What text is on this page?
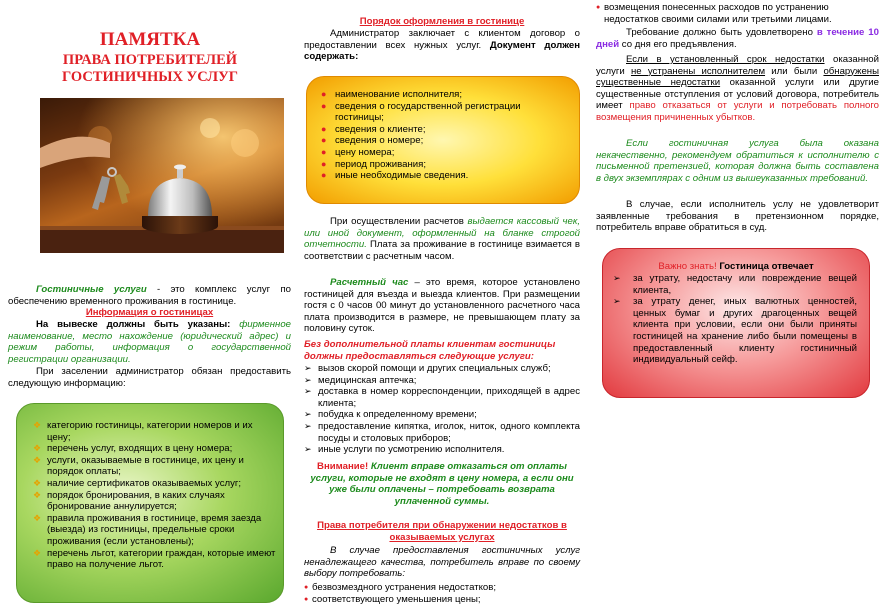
ПАМЯТКА
ПРАВА ПОТРЕБИТЕЛЕЙ
ГОСТИНИЧНЫХ УСЛУГ

Гостиничные услуги - это комплекс услуг по обеспечению временного проживания в гостинице.

Информация о гостиницах

На вывеске должны быть указаны: фирменное наименование, место нахождение (юридический адрес) и режим работы, информация о государственной регистрации организации.

При заселении администратор обязан предоставить следующую информацию:

❖ категорию гостиницы, категории номеров и их цену;
❖ перечень услуг, входящих в цену номера;
❖ услуги, оказываемые в гостинице, их цену и порядок оплаты;
❖ наличие сертификатов оказываемых услуг;
❖ порядок бронирования, в каких случаях бронирование аннулируется;
❖ правила проживания в гостинице, время заезда (выезда) из гостиницы, предельные сроки проживания (если установлены);
❖ перечень льгот, категории граждан, которые имеют право на получение льгот.

Порядок оформления в гостинице

Администратор заключает с клиентом договор о предоставлении всех нужных услуг. Документ должен содержать:

● наименование исполнителя;
● сведения о государственной регистрации гостиницы;
● сведения о клиенте;
● сведения о номере;
● цену номера;
● период проживания;
● иные необходимые сведения.

При осуществлении расчетов выдается кассовый чек, или иной документ, оформленный на бланке строгой отчетности. Плата за проживание в гостинице взимается в соответствии с расчетным часом.

Расчетный час – это время, которое установлено гостиницей для въезда и выезда клиентов. При размещении гостя с 0 часов 00 минут до установленного расчетного часа плата производится в размере, не превышающем плату за половину суток.

Без дополнительной платы клиентам гостиницы должны предоставляться следующие услуги:

➢ вызов скорой помощи и других специальных служб;
➢ медицинская аптечка;
➢ доставка в номер корреспонденции, приходящей в адрес клиента;
➢ побудка к определенному времени;
➢ предоставление кипятка, иголок, ниток, одного комплекта посуды и столовых приборов;
➢ иные услуги по усмотрению исполнителя.

Внимание! Клиент вправе отказаться от оплаты услуги, которые не входят в цену номера, а если они уже были оплачены – потребовать возврата уплаченной суммы.

Права потребителя при обнаружении недостатков в оказываемых услугах

В случае предоставления гостиничных услуг ненадлежащего качества, потребитель вправе по своему выбору потребовать:

● безвозмездного устранения недостатков;
● соответствующего уменьшения цены;
● возмещения понесенных расходов по устранению недостатков своими силами или третьими лицами.

Требование должно быть удовлетворено в течение 10 дней со дня его предъявления.

Если в установленный срок недостатки оказанной услуги не устранены исполнителем или были обнаружены существенные недостатки оказанной услуги или другие существенные отступления от условий договора, потребитель имеет право отказаться от услуги и потребовать полного возмещения причиненных убытков.

Если гостиничная услуга была оказана некачественно, рекомендуем обратиться к исполнителю с письменной претензией, которая должна быть составлена в двух экземплярах с одним из вышеуказанных требований.

В случае, если исполнитель услу не удовлетворит заявленные требования в претензионном порядке, потребитель вправе обратиться в суд.

Важно знать! Гостиница отвечает

➢ за утрату, недостачу или повреждение вещей клиента,
➢ за утрату денег, иных валютных ценностей, ценных бумаг и других драгоценных вещей клиента при условии, если они были приняты гостиницей на хранение либо были помещены в предоставленный клиенту гостиничный индивидуальный сейф.
